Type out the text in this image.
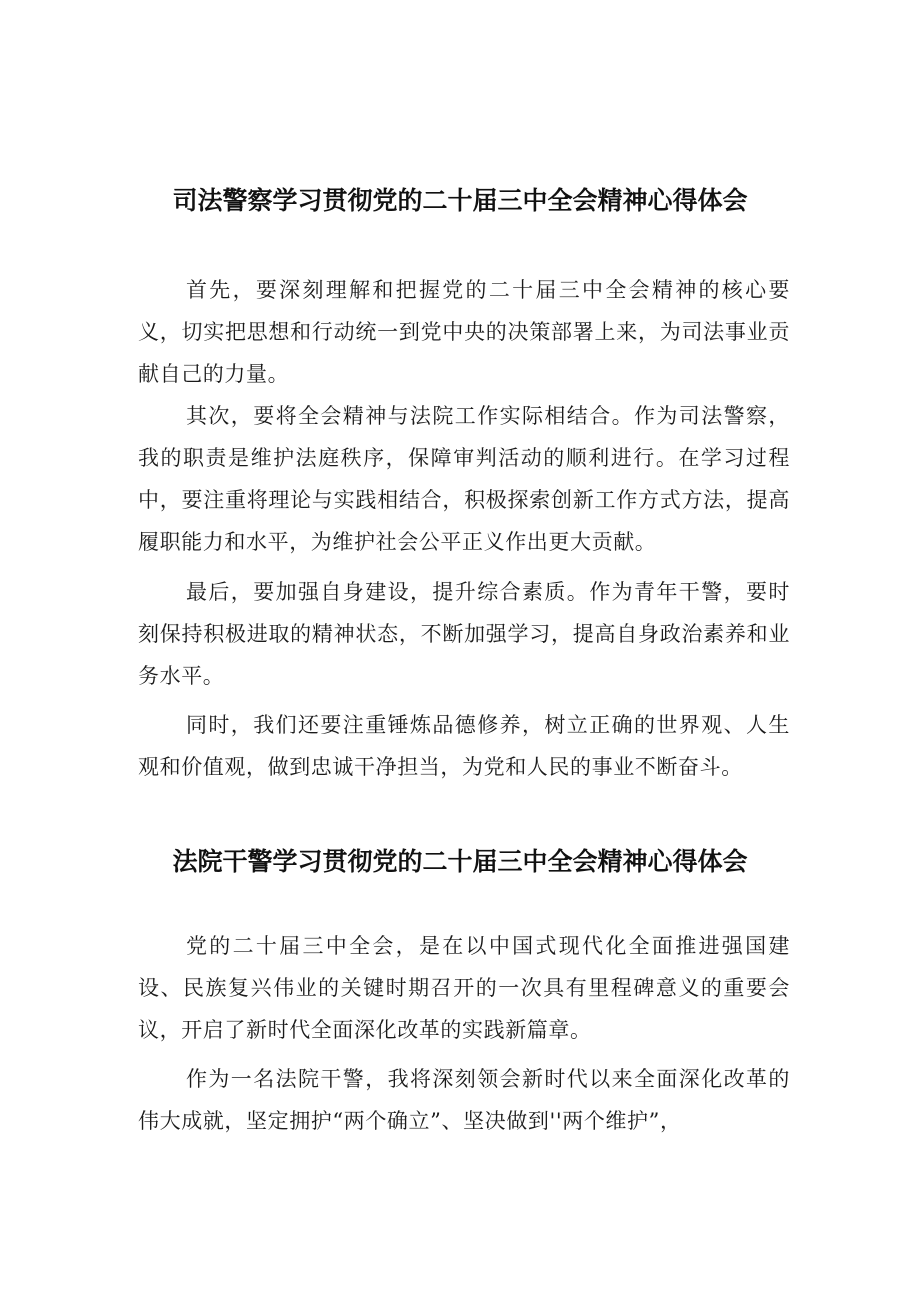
司法警察学习贯彻党的二十届三中全会精神心得体会

首先，要深刻理解和把握党的二十届三中全会精神的核心要义，切实把思想和行动统一到党中央的决策部署上来，为司法事业贡献自己的力量。

其次，要将全会精神与法院工作实际相结合。作为司法警察，我的职责是维护法庭秩序，保障审判活动的顺利进行。在学习过程中，要注重将理论与实践相结合，积极探索创新工作方式方法，提高履职能力和水平，为维护社会公平正义作出更大贡献。

最后，要加强自身建设，提升综合素质。作为青年干警，要时刻保持积极进取的精神状态，不断加强学习，提高自身政治素养和业务水平。

同时，我们还要注重锤炼品德修养，树立正确的世界观、人生观和价值观，做到忠诚干净担当，为党和人民的事业不断奋斗。

法院干警学习贯彻党的二十届三中全会精神心得体会

党的二十届三中全会，是在以中国式现代化全面推进强国建设、民族复兴伟业的关键时期召开的一次具有里程碑意义的重要会议，开启了新时代全面深化改革的实践新篇章。

作为一名法院干警，我将深刻领会新时代以来全面深化改革的伟大成就，坚定拥护“两个确立”、坚决做到''两个维护”，
